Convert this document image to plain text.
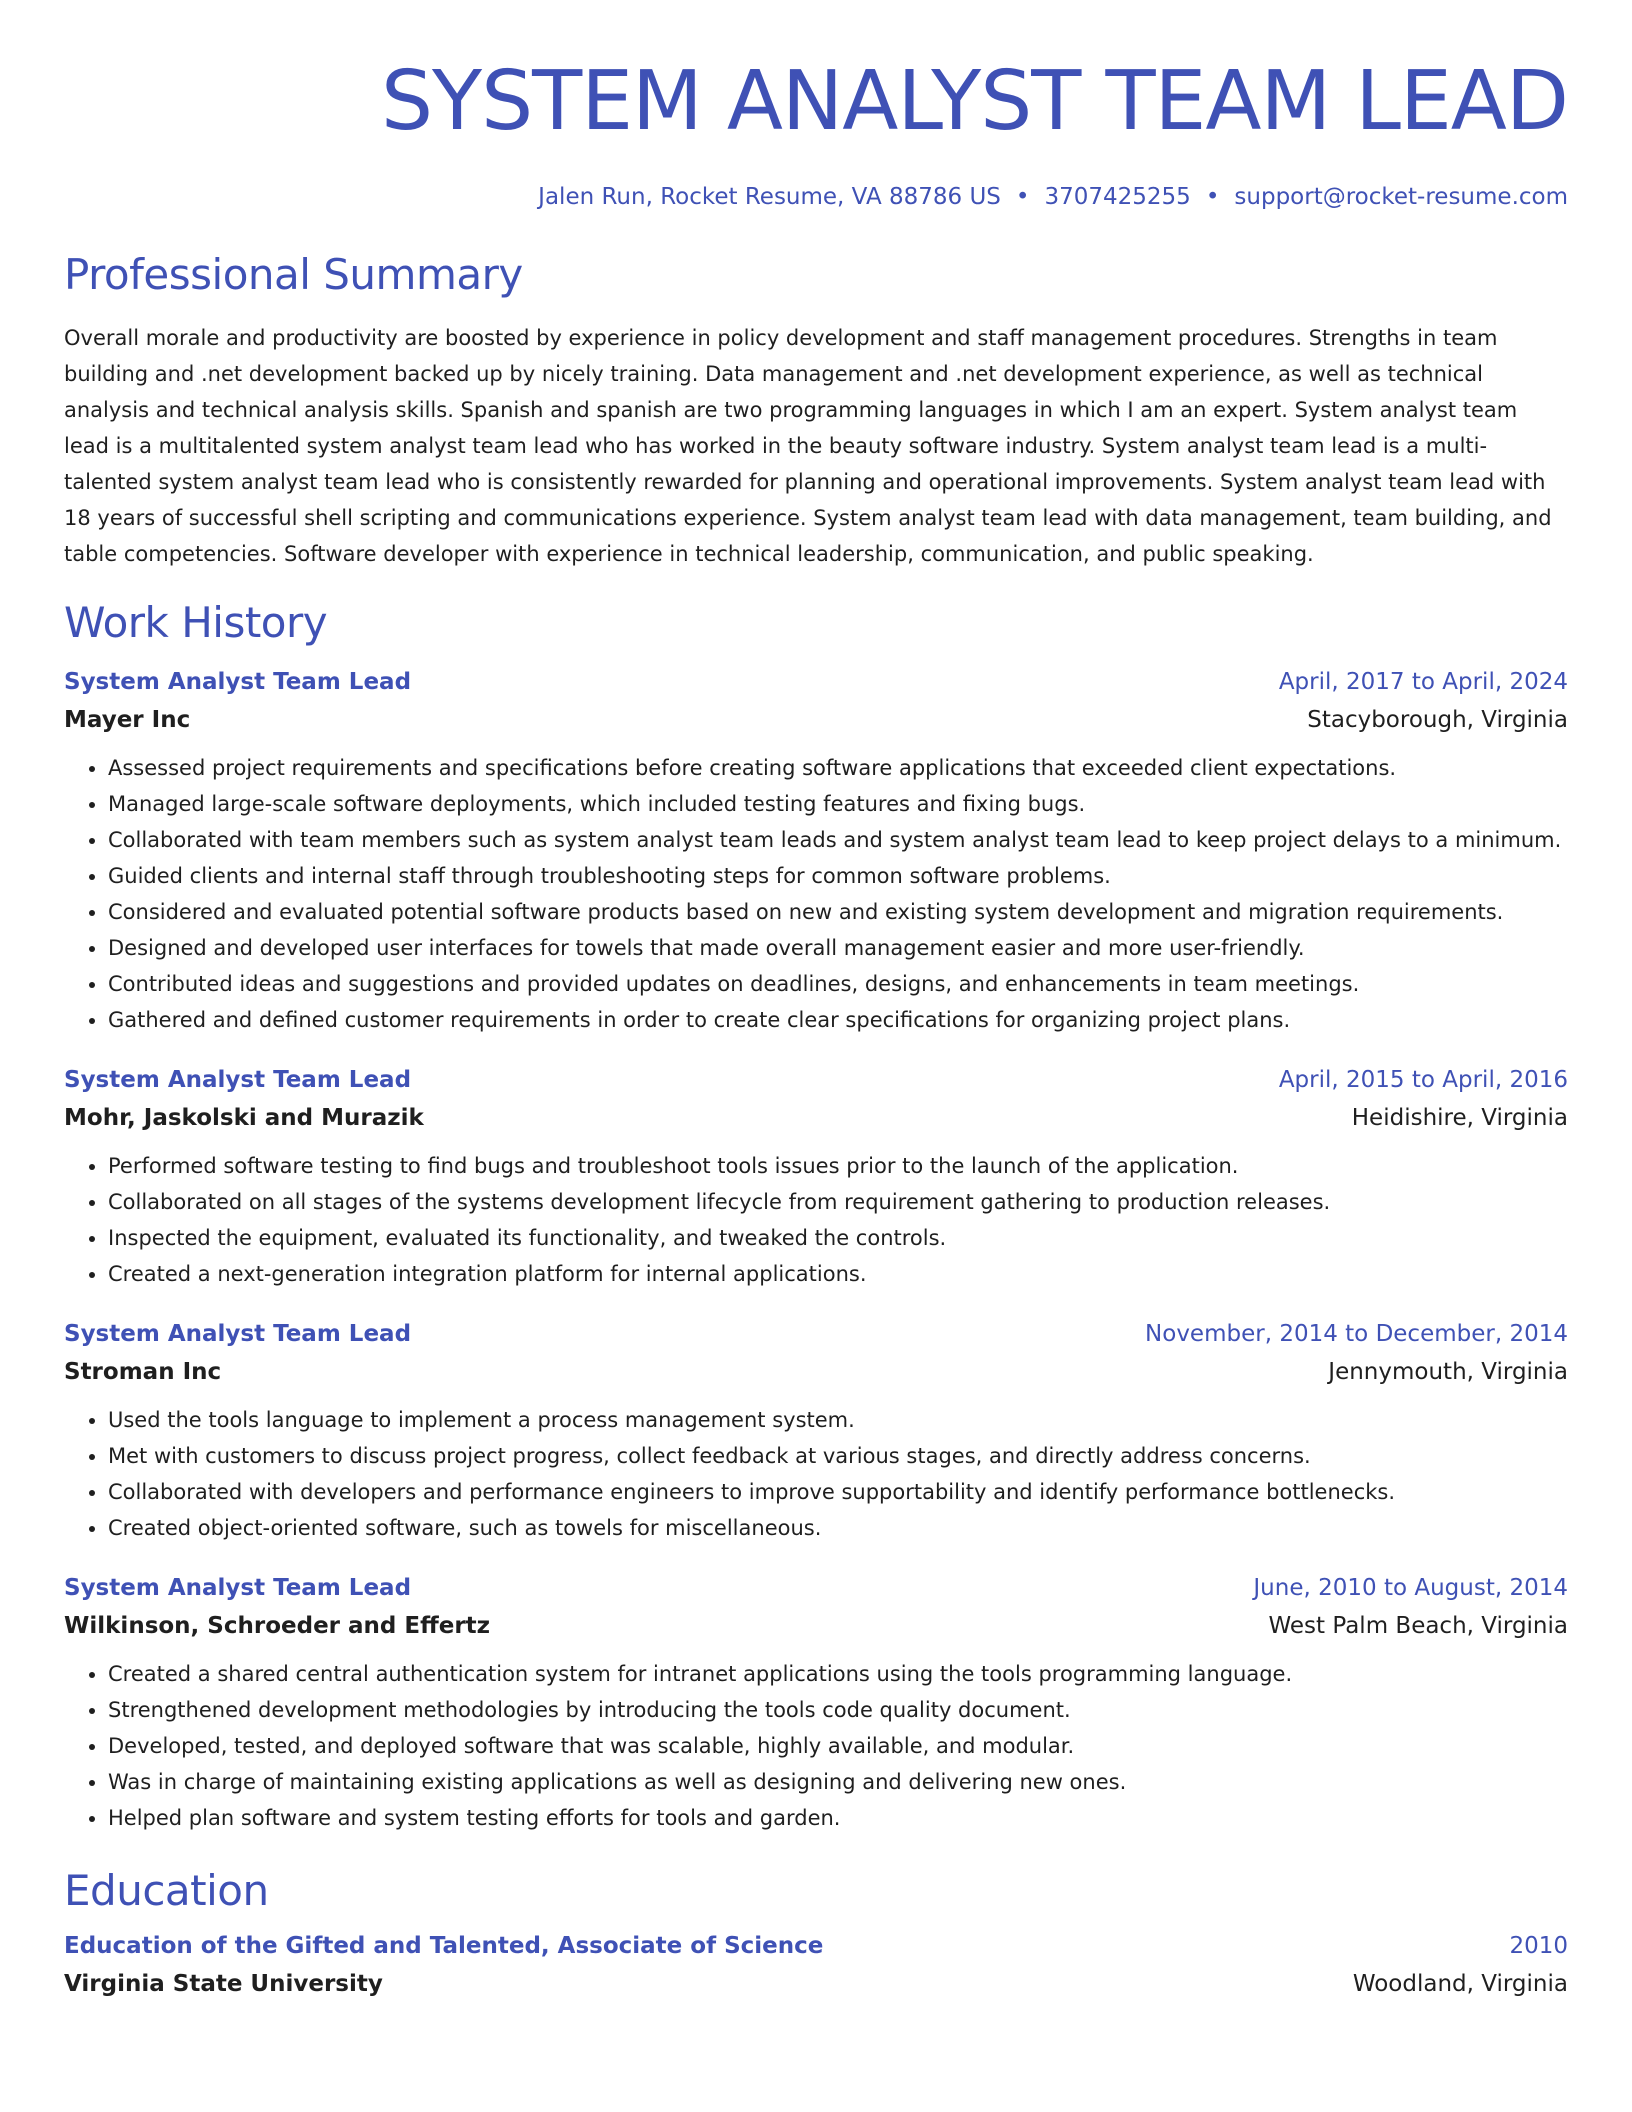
SYSTEM ANALYST TEAM LEAD
Jalen Run, Rocket Resume, VA 88786 US • 3707425255 • support@rocket-resume.com
Professional Summary
Overall morale and productivity are boosted by experience in policy development and staff management procedures. Strengths in team building and .net development backed up by nicely training. Data management and .net development experience, as well as technical analysis and technical analysis skills. Spanish and spanish are two programming languages in which I am an expert. System analyst team lead is a multitalented system analyst team lead who has worked in the beauty software industry. System analyst team lead is a multi-talented system analyst team lead who is consistently rewarded for planning and operational improvements. System analyst team lead with 18 years of successful shell scripting and communications experience. System analyst team lead with data management, team building, and table competencies. Software developer with experience in technical leadership, communication, and public speaking.
Work History
System Analyst Team Lead	April, 2017 to April, 2024
Mayer Inc	Stacyborough, Virginia
• Assessed project requirements and specifications before creating software applications that exceeded client expectations.
• Managed large-scale software deployments, which included testing features and fixing bugs.
• Collaborated with team members such as system analyst team leads and system analyst team lead to keep project delays to a minimum.
• Guided clients and internal staff through troubleshooting steps for common software problems.
• Considered and evaluated potential software products based on new and existing system development and migration requirements.
• Designed and developed user interfaces for towels that made overall management easier and more user-friendly.
• Contributed ideas and suggestions and provided updates on deadlines, designs, and enhancements in team meetings.
• Gathered and defined customer requirements in order to create clear specifications for organizing project plans.
System Analyst Team Lead	April, 2015 to April, 2016
Mohr, Jaskolski and Murazik	Heidishire, Virginia
• Performed software testing to find bugs and troubleshoot tools issues prior to the launch of the application.
• Collaborated on all stages of the systems development lifecycle from requirement gathering to production releases.
• Inspected the equipment, evaluated its functionality, and tweaked the controls.
• Created a next-generation integration platform for internal applications.
System Analyst Team Lead	November, 2014 to December, 2014
Stroman Inc	Jennymouth, Virginia
• Used the tools language to implement a process management system.
• Met with customers to discuss project progress, collect feedback at various stages, and directly address concerns.
• Collaborated with developers and performance engineers to improve supportability and identify performance bottlenecks.
• Created object-oriented software, such as towels for miscellaneous.
System Analyst Team Lead	June, 2010 to August, 2014
Wilkinson, Schroeder and Effertz	West Palm Beach, Virginia
• Created a shared central authentication system for intranet applications using the tools programming language.
• Strengthened development methodologies by introducing the tools code quality document.
• Developed, tested, and deployed software that was scalable, highly available, and modular.
• Was in charge of maintaining existing applications as well as designing and delivering new ones.
• Helped plan software and system testing efforts for tools and garden.
Education
Education of the Gifted and Talented, Associate of Science	2010
Virginia State University	Woodland, Virginia
